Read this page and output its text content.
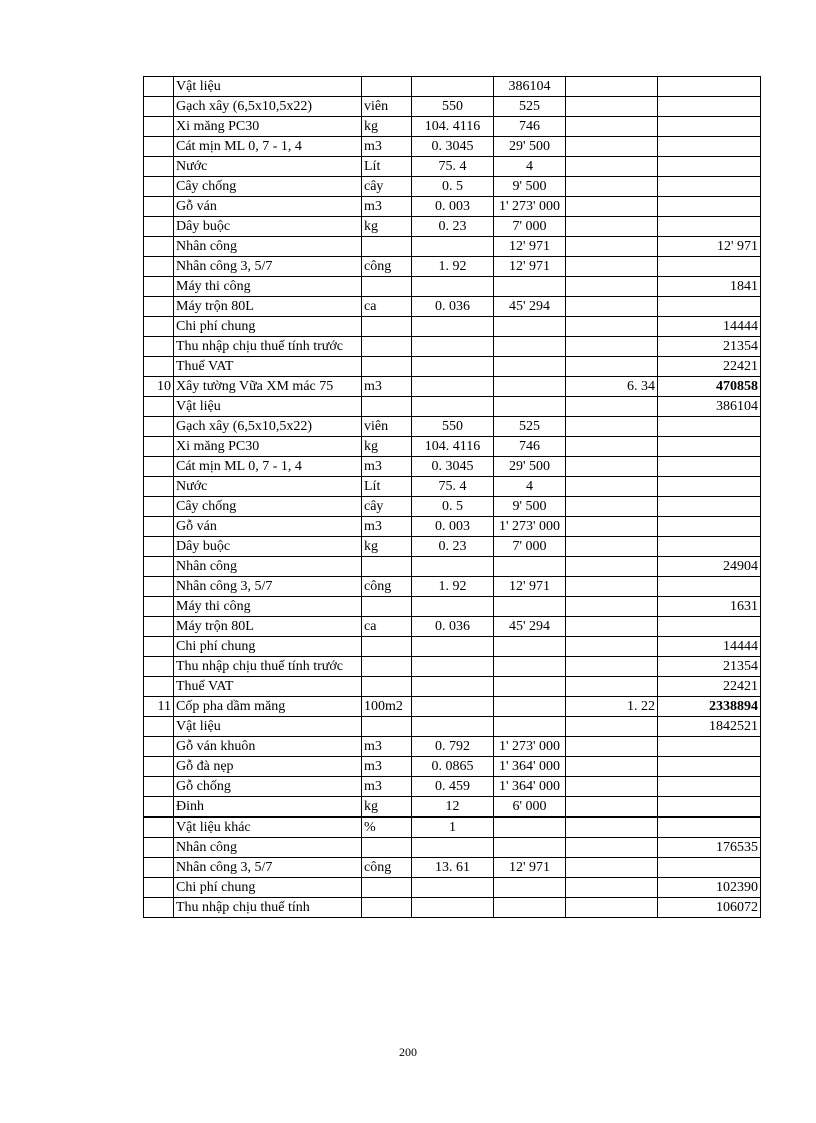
	Vật liệu			386104		
	Gạch xây (6,5x10,5x22)	viên	550	525		
	Xi măng PC30	kg	104. 4116	746		
	Cát mịn ML 0, 7 - 1, 4	m3	0. 3045	29' 500		
	Nước	Lít	75. 4	4		
	Cây chống	cây	0. 5	9' 500		
	Gỗ ván	m3	0. 003	1' 273' 000		
	Dây buộc	kg	0. 23	7' 000		
	Nhân công			12' 971		12' 971
	Nhân công 3, 5/7	công	1. 92	12' 971		
	Máy thi công					1841
	Máy trộn 80L	ca	0. 036	45' 294		
	Chi phí chung					14444
	Thu nhập chịu thuế tính trước					21354
	Thuế VAT					22421
10	Xây tường Vữa XM mác 75	m3			6. 34	470858
	Vật liệu					386104
	Gạch xây (6,5x10,5x22)	viên	550	525		
	Xi măng PC30	kg	104. 4116	746		
	Cát mịn ML 0, 7 - 1, 4	m3	0. 3045	29' 500		
	Nước	Lít	75. 4	4		
	Cây chống	cây	0. 5	9' 500		
	Gỗ ván	m3	0. 003	1' 273' 000		
	Dây buộc	kg	0. 23	7' 000		
	Nhân công					24904
	Nhân công 3, 5/7	công	1. 92	12' 971		
	Máy thi công					1631
	Máy trộn 80L	ca	0. 036	45' 294		
	Chi phí chung					14444
	Thu nhập chịu thuế tính trước					21354
	Thuế VAT					22421
11	Cốp pha dầm măng	100m2			1. 22	2338894
	Vật liệu					1842521
	Gỗ ván khuôn	m3	0. 792	1' 273' 000		
	Gỗ đà nẹp	m3	0. 0865	1' 364' 000		
	Gỗ chống	m3	0. 459	1' 364' 000		
	Đinh	kg	12	6' 000		
	Vật liệu khác	%	1			
	Nhân công					176535
	Nhân công 3, 5/7	công	13. 61	12' 971		
	Chi phí chung					102390
	Thu nhập chịu thuế tính					106072
200
